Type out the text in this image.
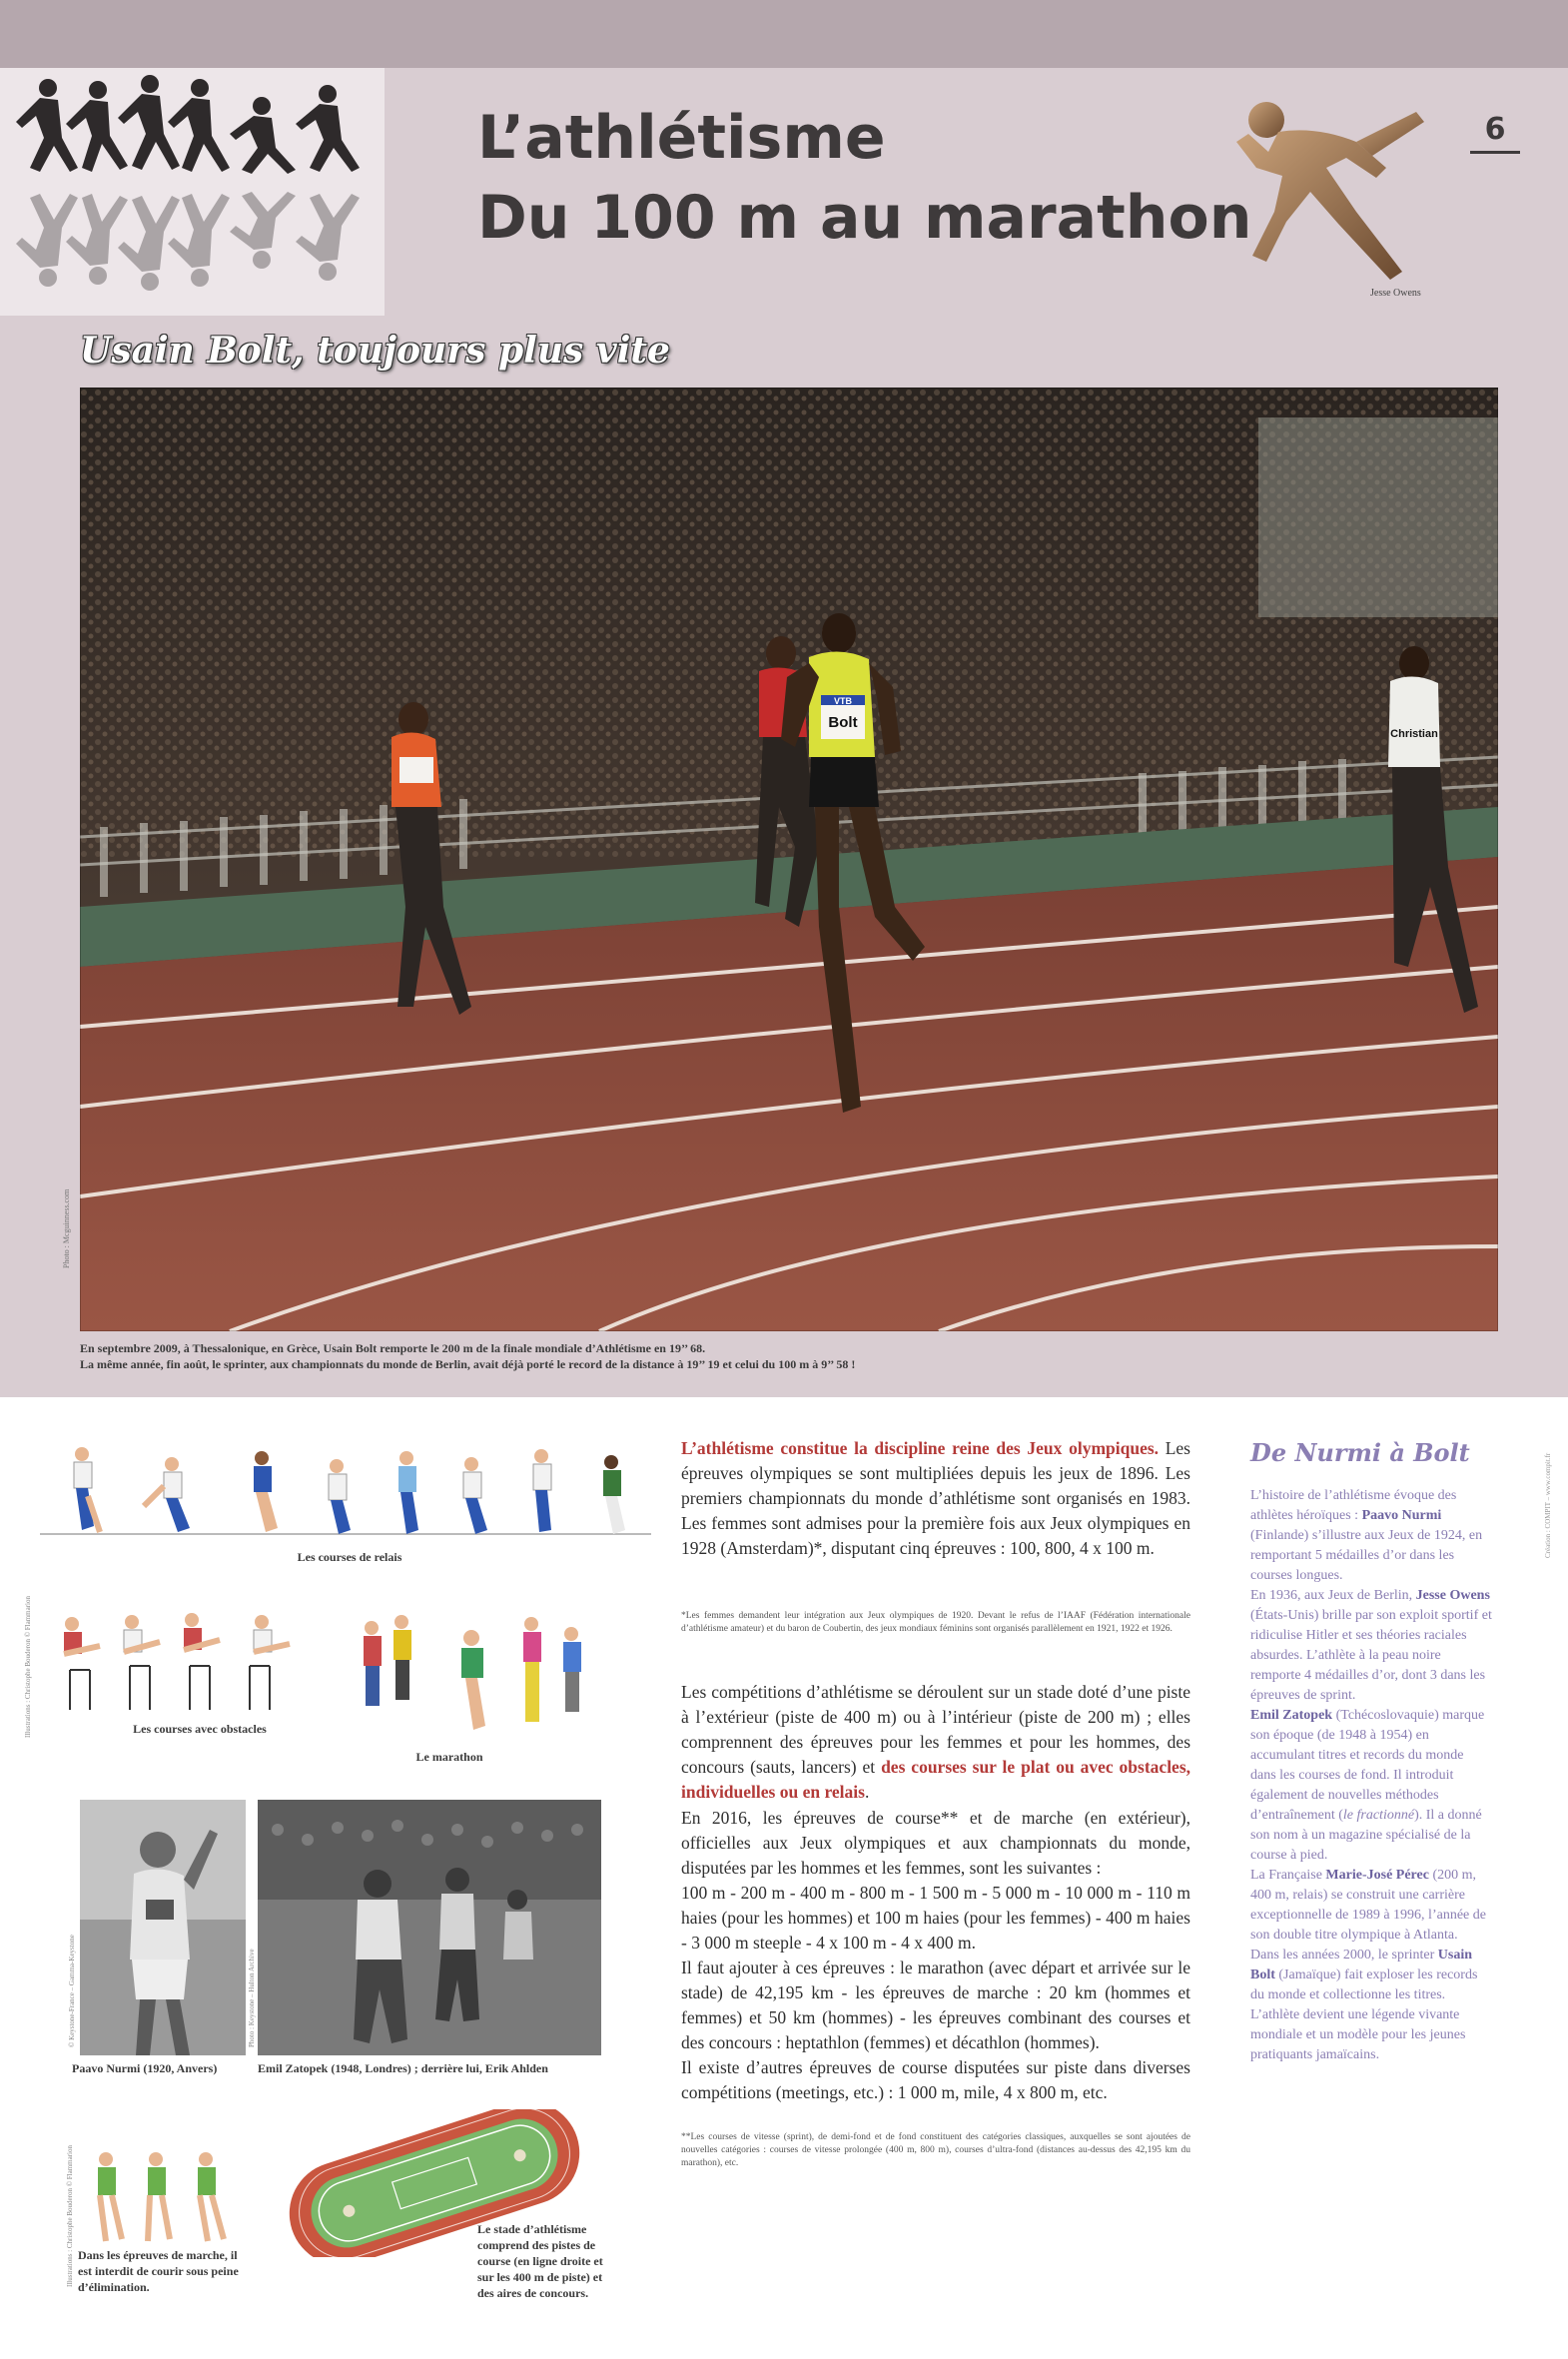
L’athlétisme
Du 100 m au marathon
Jesse Owens
6
Usain Bolt, toujours plus vite
VTB
Bolt
Christian
Photo : Mcguinness.com
En septembre 2009, à Thessalonique, en Grèce, Usain Bolt remporte le 200 m de la finale mondiale d’Athlétisme en 19’’ 68.
La même année, fin août, le sprinter, aux championnats du monde de Berlin, avait déjà porté le record de la distance à 19’’ 19 et celui du 100 m à 9’’ 58 !
Les courses de relais
Les courses avec obstacles
Le marathon
Illustrations : Christophe Bouderon © Flammarion
Paavo Nurmi (1920, Anvers)
© Keystone-France – Gamma-Keystone
Emil Zatopek (1948, Londres) ; derrière lui, Erik Ahlden
Photo : Keystone – Hulton Archive
Dans les épreuves de marche, il est interdit de courir sous peine d’élimination.
Illustrations : Christophe Bouderon © Flammarion	Le stade d’athlétisme comprend des pistes de course (en ligne droite et sur les 400 m de piste) et des aires de concours.
L’athlétisme constitue la discipline reine des Jeux olympiques. Les épreuves olympiques se sont multipliées depuis les jeux de 1896. Les premiers championnats du monde d’athlétisme sont organisés en 1983. Les femmes sont admises pour la première fois aux Jeux olympiques en 1928 (Amsterdam)*, disputant cinq épreuves : 100, 800, 4 x 100 m.
*Les femmes demandent leur intégration aux Jeux olympiques de 1920. Devant le refus de l’IAAF (Fédération internationale d’athlétisme amateur) et du baron de Coubertin, des jeux mondiaux féminins sont organisés parallèlement en 1921, 1922 et 1926.
Les compétitions d’athlétisme se déroulent sur un stade doté d’une piste à l’extérieur (piste de 400 m) ou à l’intérieur (piste de 200 m) ; elles comprennent des épreuves pour les femmes et pour les hommes, des concours (sauts, lancers) et des courses sur le plat ou avec obstacles, individuelles ou en relais.
En 2016, les épreuves de course** et de marche (en extérieur), officielles aux Jeux olympiques et aux championnats du monde, disputées par les hommes et les femmes, sont les suivantes :
100 m - 200 m - 400 m - 800 m - 1 500 m - 5 000 m - 10 000 m - 110 m haies (pour les hommes) et 100 m haies (pour les femmes) - 400 m haies - 3 000 m steeple - 4 x 100 m - 4 x 400 m.
Il faut ajouter à ces épreuves : le marathon (avec départ et arrivée sur le stade) de 42,195 km - les épreuves de marche : 20 km (hommes et femmes) et 50 km (hommes) - les épreuves combinant des courses et des concours : heptathlon (femmes) et décathlon (hommes).
Il existe d’autres épreuves de course disputées sur piste dans diverses compétitions (meetings, etc.) : 1 000 m, mile, 4 x 800 m, etc.
**Les courses de vitesse (sprint), de demi-fond et de fond constituent des catégories classiques, auxquelles se sont ajoutées de nouvelles catégories : courses de vitesse prolongée (400 m, 800 m), courses d’ultra-fond (distances au-dessus des 42,195 km du marathon), etc.
De Nurmi à Bolt
L’histoire de l’athlétisme évoque des athlètes héroïques : Paavo Nurmi (Finlande) s’illustre aux Jeux de 1924, en remportant 5 médailles d’or dans les courses longues.
En 1936, aux Jeux de Berlin, Jesse Owens (États-Unis) brille par son exploit sportif et ridiculise Hitler et ses théories raciales absurdes. L’athlète à la peau noire remporte 4 médailles d’or, dont 3 dans les épreuves de sprint.
Emil Zatopek (Tchécoslovaquie) marque son époque (de 1948 à 1954) en accumulant titres et records du monde dans les courses de fond. Il introduit également de nouvelles méthodes d’entraînement (le fractionné). Il a donné son nom à un magazine spécialisé de la course à pied.
La Française Marie-José Pérec (200 m, 400 m, relais) se construit une carrière exceptionnelle de 1989 à 1996, l’année de son double titre olympique à Atlanta.
Dans les années 2000, le sprinter Usain Bolt (Jamaïque) fait exploser les records du monde et collectionne les titres. L’athlète devient une légende vivante mondiale et un modèle pour les jeunes pratiquants jamaïcains.
Création : COMPIT – www.compit.fr
